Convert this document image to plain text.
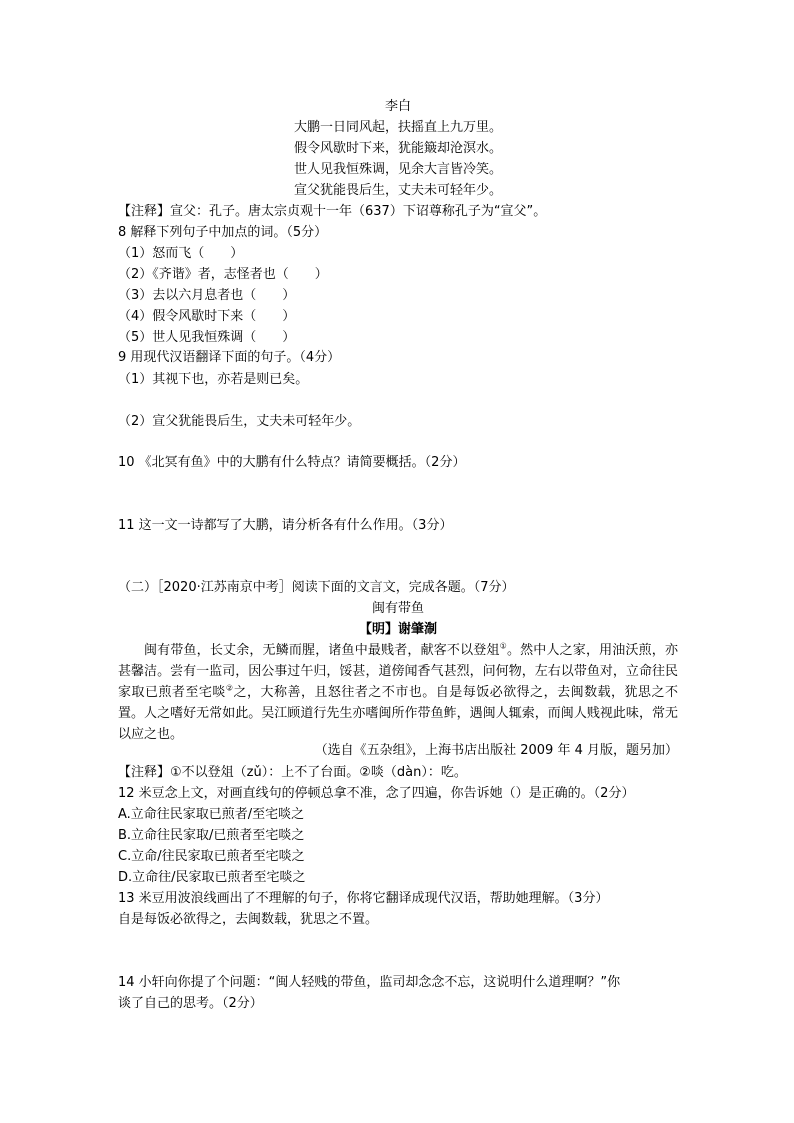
李白
大鹏一日同风起，扶摇直上九万里。
假令风歇时下来，犹能簸却沧溟水。
世人见我恒殊调，见余大言皆冷笑。
宣父犹能畏后生，丈夫未可轻年少。
【注释】宣父：孔子。唐太宗贞观十一年（637）下诏尊称孔子为“宣父”。
8 解释下列句子中加点的词。（5分）
（1）怒而飞（　　）
（2）《齐谐》者，志怪者也（　　）
（3）去以六月息者也（　　）
（4）假令风歇时下来（　　）
（5）世人见我恒殊调（　　）
9 用现代汉语翻译下面的句子。（4分）
（1）其视下也，亦若是则已矣。
（2）宣父犹能畏后生，丈夫未可轻年少。
10 《北冥有鱼》中的大鹏有什么特点？请简要概括。（2分）
11 这一文一诗都写了大鹏，请分析各有什么作用。（3分）
（二）［2020·江苏南京中考］阅读下面的文言文，完成各题。（7分）
闽有带鱼
【明】谢肇淛
闽有带鱼，长丈余，无鳞而腥，诸鱼中最贱者，献客不以登俎①。然中人之家，用油沃煎，亦甚馨洁。尝有一监司，因公事过午归，馁甚，道傍闻香气甚烈，问何物，左右以带鱼对，立命往民家取已煎者至宅啖②之，大称善，且怒往者之不市也。自是每饭必欲得之，去闽数载，犹思之不置。人之嗜好无常如此。吴江顾道行先生亦嗜闽所作带鱼鲊，遇闽人辄索，而闽人贱视此味，常无以应之也。
（选自《五杂组》，上海书店出版社 2009 年 4 月版，题另加）
【注释】①不以登俎（zǔ）：上不了台面。②啖（dàn）：吃。
12 米豆念上文，对画直线句的停顿总拿不准，念了四遍，你告诉她（）是正确的。（2分）
A.立命往民家取已煎者/至宅啖之
B.立命往民家取/已煎者至宅啖之
C.立命/往民家取已煎者至宅啖之
D.立命往/民家取已煎者至宅啖之
13 米豆用波浪线画出了不理解的句子，你将它翻译成现代汉语，帮助她理解。（3分）
自是每饭必欲得之，去闽数载，犹思之不置。
14 小轩向你提了个问题：“闽人轻贱的带鱼，监司却念念不忘，这说明什么道理啊？”你
谈了自己的思考。（2分）
